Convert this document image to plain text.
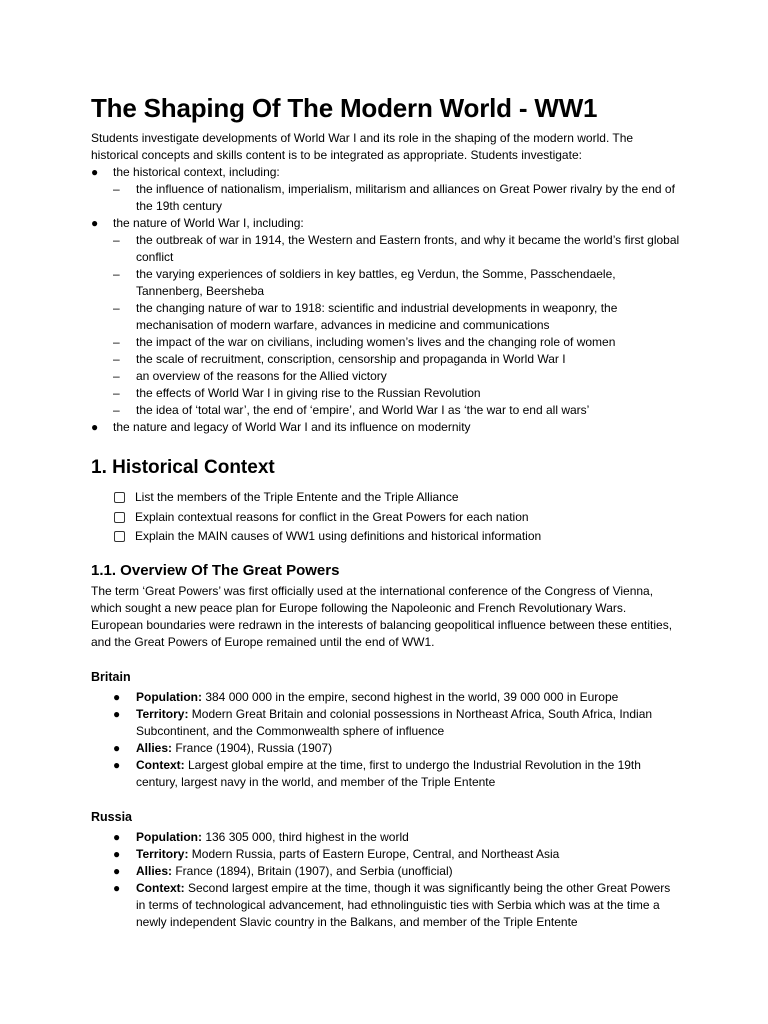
The Shaping Of The Modern World - WW1

Students investigate developments of World War I and its role in the shaping of the modern world. The historical concepts and skills content is to be integrated as appropriate. Students investigate:

●	the historical context, including:
– the influence of nationalism, imperialism, militarism and alliances on Great Power rivalry by the end of the 19th century
●	the nature of World War I, including:
– the outbreak of war in 1914, the Western and Eastern fronts, and why it became the world’s first global conflict
– the varying experiences of soldiers in key battles, eg Verdun, the Somme, Passchendaele, Tannenberg, Beersheba
– the changing nature of war to 1918: scientific and industrial developments in weaponry, the mechanisation of modern warfare, advances in medicine and communications
– the impact of the war on civilians, including women’s lives and the changing role of women
– the scale of recruitment, conscription, censorship and propaganda in World War I
– an overview of the reasons for the Allied victory
– the effects of World War I in giving rise to the Russian Revolution
– the idea of ‘total war’, the end of ‘empire’, and World War I as ‘the war to end all wars’
●	the nature and legacy of World War I and its influence on modernity
1. Historical Context
List the members of the Triple Entente and the Triple Alliance
Explain contextual reasons for conflict in the Great Powers for each nation
Explain the MAIN causes of WW1 using definitions and historical information
1.1. Overview Of The Great Powers

The term ‘Great Powers’ was first officially used at the international conference of the Congress of Vienna, which sought a new peace plan for Europe following the Napoleonic and French Revolutionary Wars. European boundaries were redrawn in the interests of balancing geopolitical influence between these entities, and the Great Powers of Europe remained until the end of WW1.

Britain
● Population: 384 000 000 in the empire, second highest in the world, 39 000 000 in Europe
● Territory: Modern Great Britain and colonial possessions in Northeast Africa, South Africa, Indian Subcontinent, and the Commonwealth sphere of influence
● Allies: France (1904), Russia (1907)
● Context: Largest global empire at the time, first to undergo the Industrial Revolution in the 19th century, largest navy in the world, and member of the Triple Entente
Russia
● Population: 136 305 000, third highest in the world
● Territory: Modern Russia, parts of Eastern Europe, Central, and Northeast Asia
● Allies: France (1894), Britain (1907), and Serbia (unofficial)
● Context: Second largest empire at the time, though it was significantly being the other Great Powers in terms of technological advancement, had ethnolinguistic ties with Serbia which was at the time a newly independent Slavic country in the Balkans, and member of the Triple Entente
